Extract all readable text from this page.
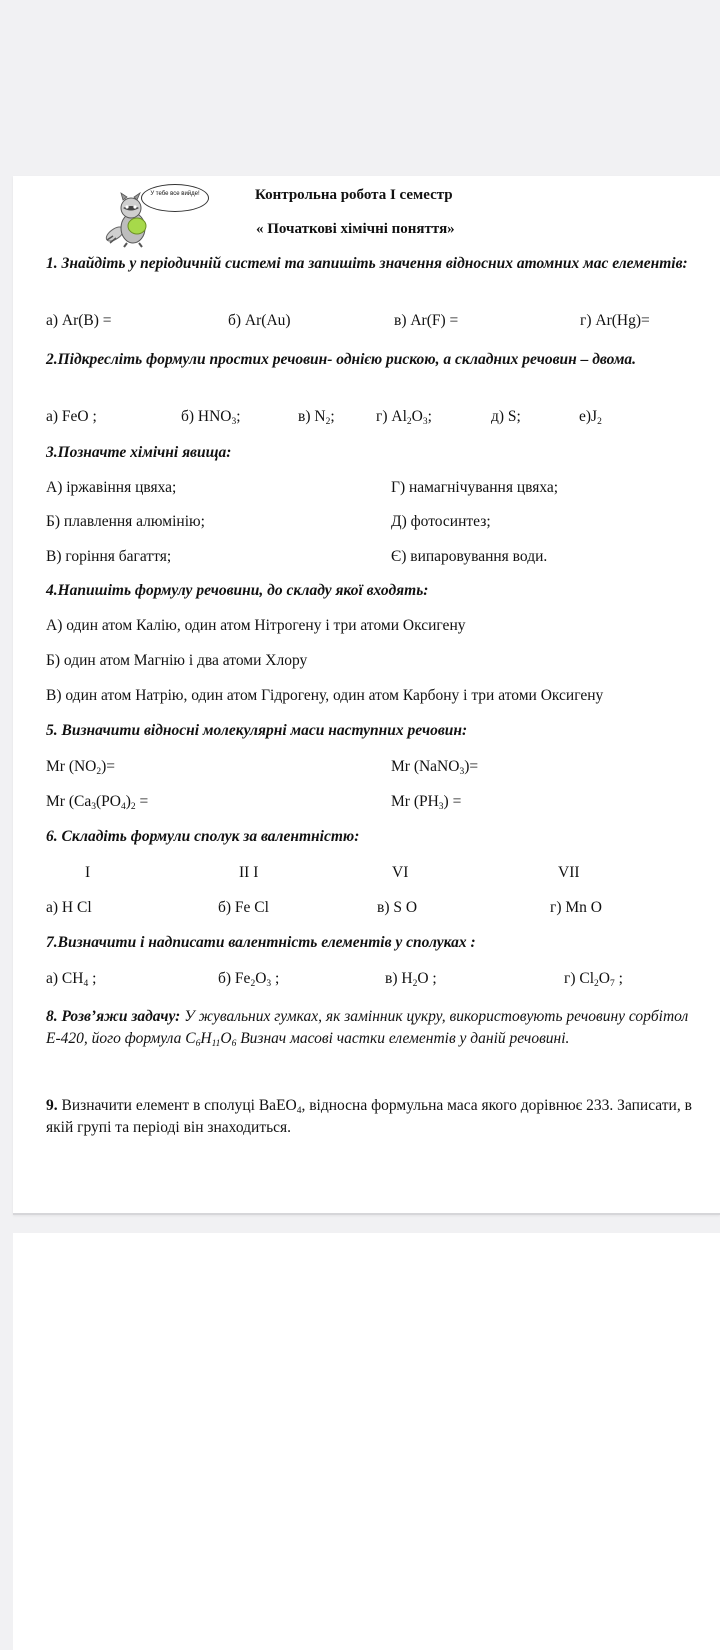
У тебе все вийде!	Контрольна робота І семестр
« Початкові хімічні поняття»
1. Знайдіть у періодичній системі та запишіть значення відносних атомних мас елементів:
а) Ar(B) =	б) Ar(Au)	в) Ar(F) =	г) Ar(Hg)=
2.Підкресліть формули простих речовин- однією рискою, а складних речовин – двома.
а) FeO ;	б) $HNO_3$;	в) $N_2$;	г) $Al_2O_3$;	д) S;	$е)J_2$
3.Позначте хімічні явища:
А) іржавіння цвяха;	Г) намагнічування цвяха;
Б) плавлення алюмінію;	Д) фотосинтез;
В) горіння багаття;	Є) випаровування води.
4.Напишіть формулу речовини, до складу якої входять:
А) один атом Калію, один атом Нітрогену і три атоми Оксигену
Б) один атом Магнію і два атоми Хлору
В) один атом Натрію, один атом Гідрогену, один атом Карбону і три атоми Оксигену
5. Визначити відносні молекулярні маси наступних речовин:
Mr $(NO_2)=$	Mr (NaNO$_3$)=
Mr ($Ca_3(PO_4)_2$ =	Mr $(PH_3)$ =
6. Складіть формули сполук за валентністю:
I	II I	VI	VII
а) H Cl	б) Fe Cl	в) S O	г) Mn O
7.Визначити і надписати валентність елементів у сполуках :
а) $CH_4$ ;	б) $Fe_2O_3$ ;	в) $H_2O$ ;	г) $Cl_2O_7$ ;
8. Розв’яжи задачу: У жувальних гумках, як замінник цукру, використовують речовину сорбітол Е-420, його формула $C_6H_{11}O_6$ Визнач масові частки елементів у даній речовині.
9. Визначити елемент в сполуці ВаЕО$_4$, відносна формульна маса якого дорівнює 233. Записати, в якій групі та періоді він знаходиться.
